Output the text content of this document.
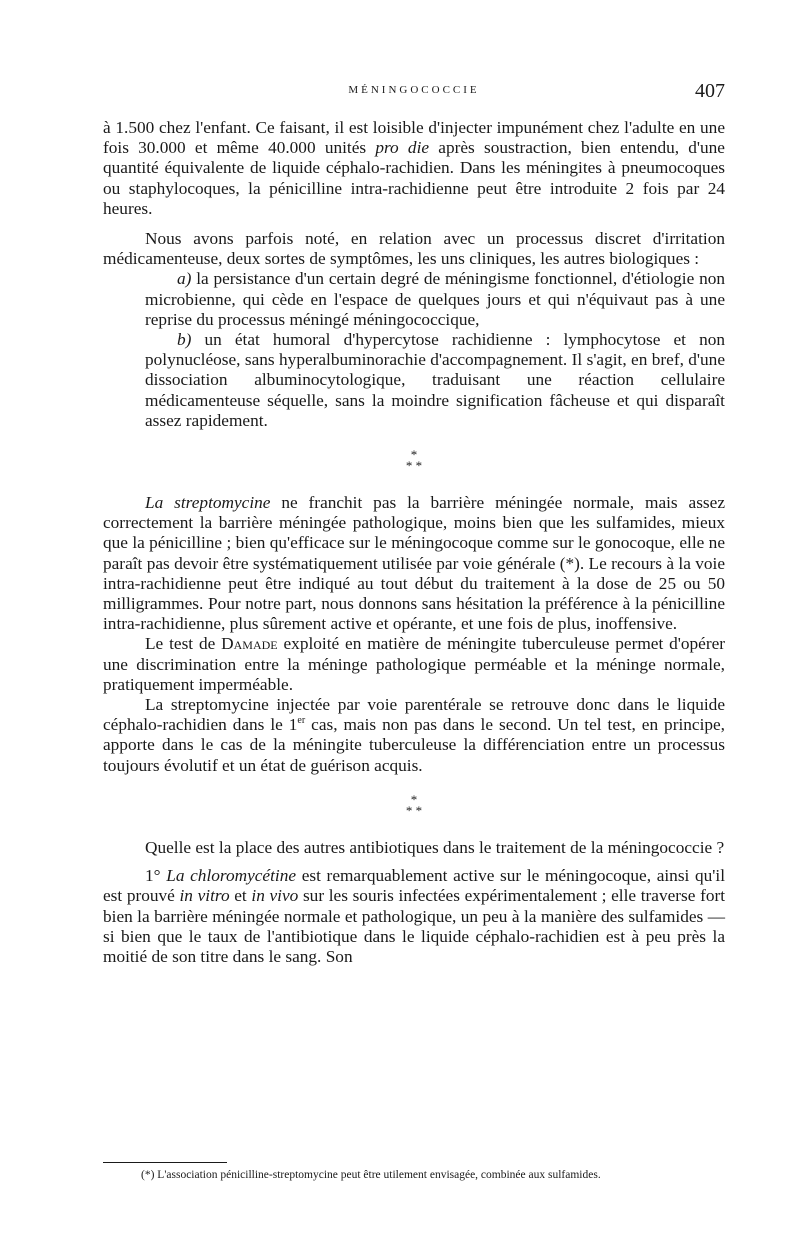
MÉNINGOCOCCIE	407

à 1.500 chez l'enfant. Ce faisant, il est loisible d'injecter impunément chez l'adulte en une fois 30.000 et même 40.000 unités pro die après soustraction, bien entendu, d'une quantité équivalente de liquide céphalo-rachidien. Dans les méningites à pneumocoques ou staphylocoques, la pénicilline intra-rachidienne peut être introduite 2 fois par 24 heures.

Nous avons parfois noté, en relation avec un processus discret d'irritation médicamenteuse, deux sortes de symptômes, les uns cliniques, les autres biologiques :

a) la persistance d'un certain degré de méningisme fonctionnel, d'étiologie non microbienne, qui cède en l'espace de quelques jours et qui n'équivaut pas à une reprise du processus méningé méningococcique,

b) un état humoral d'hypercytose rachidienne : lymphocytose et non polynucléose, sans hyperalbuminorachie d'accompagnement. Il s'agit, en bref, d'une dissociation albuminocytologique, traduisant une réaction cellulaire médicamenteuse séquelle, sans la moindre signification fâcheuse et qui disparaît assez rapidement.

*
* *

La streptomycine ne franchit pas la barrière méningée normale, mais assez correctement la barrière méningée pathologique, moins bien que les sulfamides, mieux que la pénicilline ; bien qu'efficace sur le méningocoque comme sur le gonocoque, elle ne paraît pas devoir être systématiquement utilisée par voie générale (*). Le recours à la voie intra-rachidienne peut être indiqué au tout début du traitement à la dose de 25 ou 50 milligrammes. Pour notre part, nous donnons sans hésitation la préférence à la pénicilline intra-rachidienne, plus sûrement active et opérante, et une fois de plus, inoffensive.

Le test de Damade exploité en matière de méningite tuberculeuse permet d'opérer une discrimination entre la méninge pathologique perméable et la méninge normale, pratiquement imperméable.

La streptomycine injectée par voie parentérale se retrouve donc dans le liquide céphalo-rachidien dans le 1er cas, mais non pas dans le second. Un tel test, en principe, apporte dans le cas de la méningite tuberculeuse la différenciation entre un processus toujours évolutif et un état de guérison acquis.

*
* *

Quelle est la place des autres antibiotiques dans le traitement de la méningococcie ?

1° La chloromycétine est remarquablement active sur le méningocoque, ainsi qu'il est prouvé in vitro et in vivo sur les souris infectées expérimentalement ; elle traverse fort bien la barrière méningée normale et pathologique, un peu à la manière des sulfamides — si bien que le taux de l'antibiotique dans le liquide céphalo-rachidien est à peu près la moitié de son titre dans le sang. Son

(*) L'association pénicilline-streptomycine peut être utilement envisagée, combinée aux sulfamides.
